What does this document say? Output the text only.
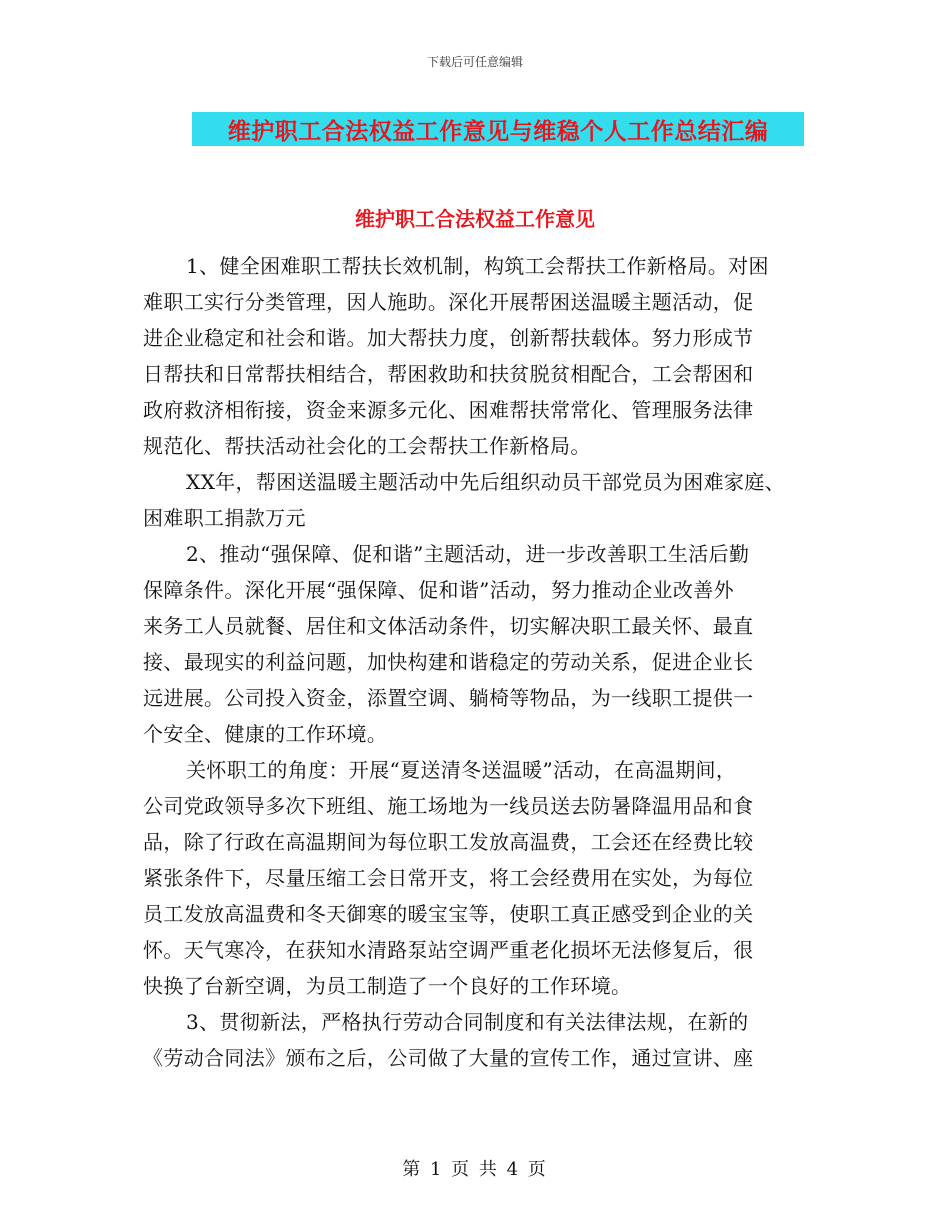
下载后可任意编辑
维护职工合法权益工作意见与维稳个人工作总结汇编
维护职工合法权益工作意见
1、健全困难职工帮扶长效机制，构筑工会帮扶工作新格局。对困
难职工实行分类管理，因人施助。深化开展帮困送温暖主题活动，促
进企业稳定和社会和谐。加大帮扶力度，创新帮扶载体。努力形成节
日帮扶和日常帮扶相结合，帮困救助和扶贫脱贫相配合，工会帮困和
政府救济相衔接，资金来源多元化、困难帮扶常常化、管理服务法律
规范化、帮扶活动社会化的工会帮扶工作新格局。
XX年，帮困送温暖主题活动中先后组织动员干部党员为困难家庭、
困难职工捐款万元
2、推动“强保障、促和谐”主题活动，进一步改善职工生活后勤
保障条件。深化开展“强保障、促和谐”活动，努力推动企业改善外
来务工人员就餐、居住和文体活动条件，切实解决职工最关怀、最直
接、最现实的利益问题，加快构建和谐稳定的劳动关系，促进企业长
远进展。公司投入资金，添置空调、躺椅等物品，为一线职工提供一
个安全、健康的工作环境。
关怀职工的角度：开展“夏送清冬送温暖”活动，在高温期间，
公司党政领导多次下班组、施工场地为一线员送去防暑降温用品和食
品，除了行政在高温期间为每位职工发放高温费，工会还在经费比较
紧张条件下，尽量压缩工会日常开支，将工会经费用在实处，为每位
员工发放高温费和冬天御寒的暖宝宝等，使职工真正感受到企业的关
怀。天气寒冷，在获知水清路泵站空调严重老化损坏无法修复后，很
快换了台新空调，为员工制造了一个良好的工作环境。
3、贯彻新法，严格执行劳动合同制度和有关法律法规，在新的
《劳动合同法》颁布之后，公司做了大量的宣传工作，通过宣讲、座
第 1 页 共 4 页
